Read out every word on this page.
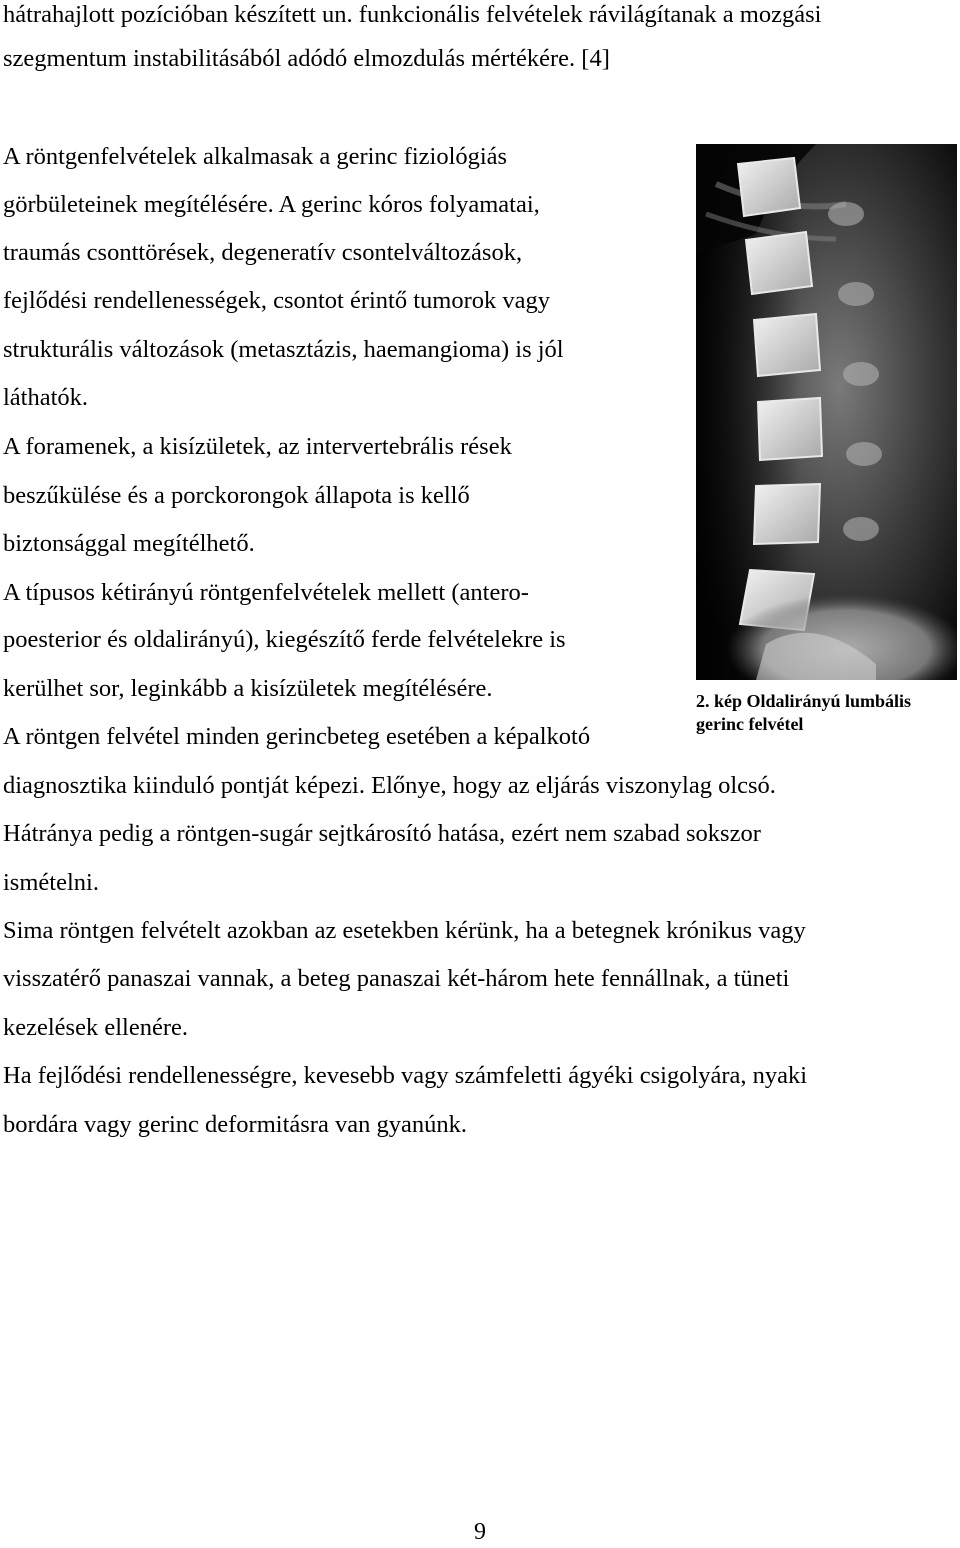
hátrahajlott pozícióban készített un. funkcionális felvételek rávilágítanak a mozgási

szegmentum instabilitásából adódó elmozdulás mértékére. [4]

A röntgenfelvételek alkalmasak a gerinc fiziológiás

görbületeinek megítélésére. A gerinc kóros folyamatai,

traumás csonttörések, degeneratív csontelváltozások,

fejlődési rendellenességek, csontot érintő tumorok vagy

strukturális változások (metasztázis, haemangioma) is jól

láthatók.

A foramenek, a kisízületek, az intervertebrális rések

beszűkülése és a porckorongok állapota is kellő

biztonsággal megítélhető.

A típusos kétirányú röntgenfelvételek mellett (antero-

poesterior és oldalirányú), kiegészítő ferde felvételekre is

kerülhet sor, leginkább a kisízületek megítélésére.

A röntgen felvétel minden gerincbeteg esetében a képalkotó

diagnosztika kiinduló pontját képezi. Előnye, hogy az eljárás viszonylag olcsó.

Hátránya pedig a röntgen-sugár sejtkárosító hatása, ezért nem szabad sokszor

ismételni.

Sima röntgen felvételt azokban az esetekben kérünk, ha a betegnek krónikus vagy

visszatérő panaszai vannak, a beteg panaszai két-három hete fennállnak, a tüneti

kezelések ellenére.

Ha fejlődési rendellenességre, kevesebb vagy számfeletti ágyéki csigolyára, nyaki

bordára vagy gerinc deformitásra van gyanúnk.

2. kép Oldalirányú lumbális
gerinc felvétel
9
